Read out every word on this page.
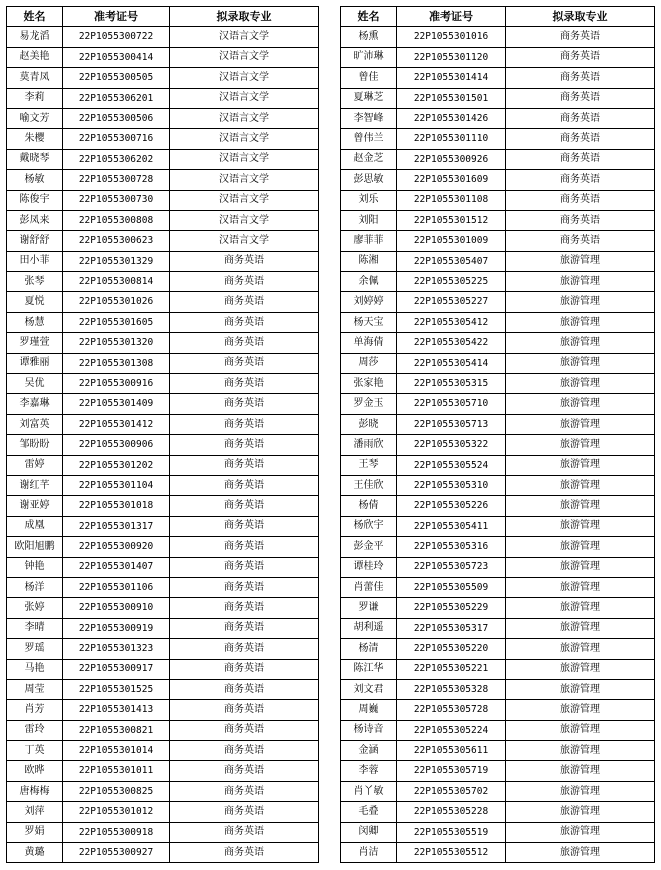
姓名	准考证号	拟录取专业
易龙滔	22P1055300722	汉语言文学
赵美艳	22P1055300414	汉语言文学
莫青凤	22P1055300505	汉语言文学
李莉	22P1055306201	汉语言文学
喻文芳	22P1055300506	汉语言文学
朱樱	22P1055300716	汉语言文学
戴晓琴	22P1055306202	汉语言文学
杨敏	22P1055300728	汉语言文学
陈俊宇	22P1055300730	汉语言文学
彭凤来	22P1055300808	汉语言文学
谢舒舒	22P1055300623	汉语言文学
田小菲	22P1055301329	商务英语
张琴	22P1055300814	商务英语
夏悦	22P1055301026	商务英语
杨慧	22P1055301605	商务英语
罗瑾萱	22P1055301320	商务英语
谭雅丽	22P1055301308	商务英语
吴优	22P1055300916	商务英语
李嘉琳	22P1055301409	商务英语
刘富英	22P1055301412	商务英语
邹盼盼	22P1055300906	商务英语
雷婷	22P1055301202	商务英语
谢红芊	22P1055301104	商务英语
谢亚婷	22P1055301018	商务英语
成凰	22P1055301317	商务英语
欧阳旭鹏	22P1055300920	商务英语
钟艳	22P1055301407	商务英语
杨洋	22P1055301106	商务英语
张婷	22P1055300910	商务英语
李晴	22P1055300919	商务英语
罗瑶	22P1055301323	商务英语
马艳	22P1055300917	商务英语
周莹	22P1055301525	商务英语
肖芳	22P1055301413	商务英语
雷玲	22P1055300821	商务英语
丁英	22P1055301014	商务英语
欧晔	22P1055301011	商务英语
唐梅梅	22P1055300825	商务英语
刘萍	22P1055301012	商务英语
罗娟	22P1055300918	商务英语
黄璐	22P1055300927	商务英语
姓名	准考证号	拟录取专业
杨熏	22P1055301016	商务英语
旷沛琳	22P1055301120	商务英语
曾佳	22P1055301414	商务英语
夏琳芝	22P1055301501	商务英语
李智峰	22P1055301426	商务英语
曾伟兰	22P1055301110	商务英语
赵金芝	22P1055300926	商务英语
彭思敏	22P1055301609	商务英语
刘乐	22P1055301108	商务英语
刘阳	22P1055301512	商务英语
廖菲菲	22P1055301009	商务英语
陈湘	22P1055305407	旅游管理
余佩	22P1055305225	旅游管理
刘婷婷	22P1055305227	旅游管理
杨天宝	22P1055305412	旅游管理
单海倩	22P1055305422	旅游管理
周莎	22P1055305414	旅游管理
张家艳	22P1055305315	旅游管理
罗金玉	22P1055305710	旅游管理
彭晓	22P1055305713	旅游管理
潘雨欣	22P1055305322	旅游管理
王琴	22P1055305524	旅游管理
王佳欣	22P1055305310	旅游管理
杨倩	22P1055305226	旅游管理
杨欣宇	22P1055305411	旅游管理
彭金平	22P1055305316	旅游管理
谭桂玲	22P1055305723	旅游管理
肖蕾佳	22P1055305509	旅游管理
罗谦	22P1055305229	旅游管理
胡利遥	22P1055305317	旅游管理
杨清	22P1055305220	旅游管理
陈江华	22P1055305221	旅游管理
刘文君	22P1055305328	旅游管理
周巍	22P1055305728	旅游管理
杨诗音	22P1055305224	旅游管理
金涵	22P1055305611	旅游管理
李蓉	22P1055305719	旅游管理
肖丫敏	22P1055305702	旅游管理
毛叠	22P1055305228	旅游管理
闵卿	22P1055305519	旅游管理
肖洁	22P1055305512	旅游管理
